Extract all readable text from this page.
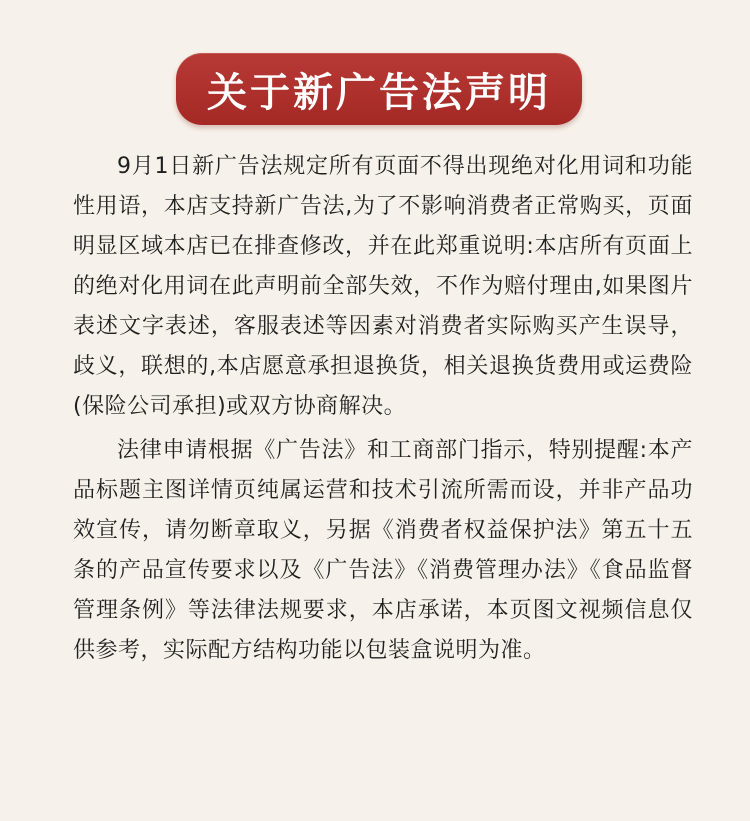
关于新广告法声明

9月1日新广告法规定所有页面不得出现绝对化用词和功能性用语，本店支持新广告法,为了不影响消费者正常购买，页面明显区域本店已在排查修改，并在此郑重说明:本店所有页面上的绝对化用词在此声明前全部失效，不作为赔付理由,如果图片表述文字表述，客服表述等因素对消费者实际购买产生误导，歧义，联想的,本店愿意承担退换货，相关退换货费用或运费险(保险公司承担)或双方协商解决。

法律申请根据《广告法》和工商部门指示，特别提醒:本产品标题主图详情页纯属运营和技术引流所需而设，并非产品功效宣传，请勿断章取义，另据《消费者权益保护法》第五十五条的产品宣传要求以及《广告法》《消费管理办法》《食品监督管理条例》等法律法规要求，本店承诺，本页图文视频信息仅供参考，实际配方结构功能以包装盒说明为准。
